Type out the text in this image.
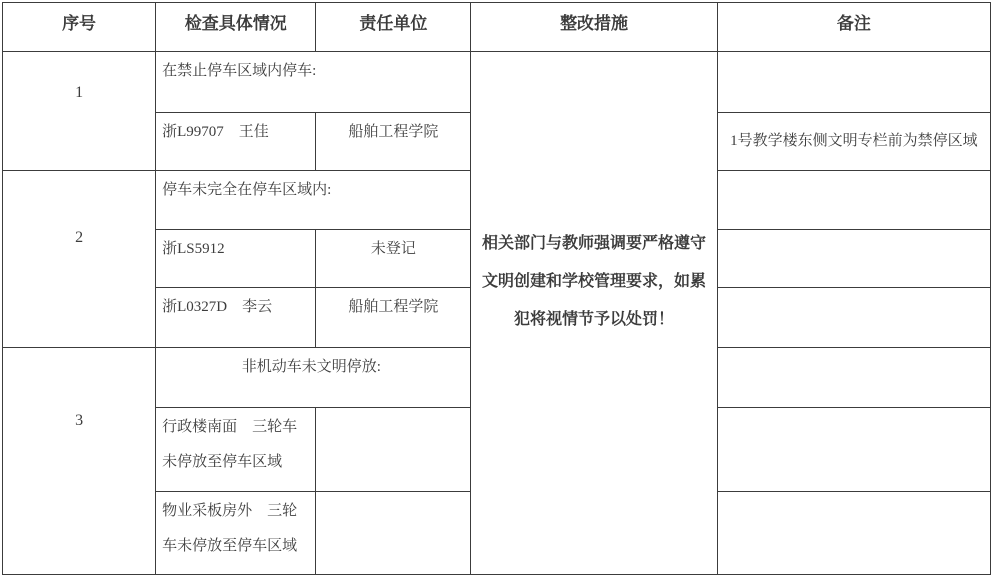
序号	检查具体情况	责任单位	整改措施	备注
1	在禁止停车区域内停车:		相关部门与教师强调要严格遵守文明创建和学校管理要求，如累犯将视情节予以处罚！	

	浙L99707　王佳	船舶工程学院		1号教学楼东侧文明专栏前为禁停区域
2	停车未完全在停车区域内:			
	浙LS5912	未登记		
	浙L0327D　李云	船舶工程学院		
3	非机动车未文明停放:			
	行政楼南面　三轮车未停放至停车区域			
	物业采板房外　三轮车未停放至停车区域			
